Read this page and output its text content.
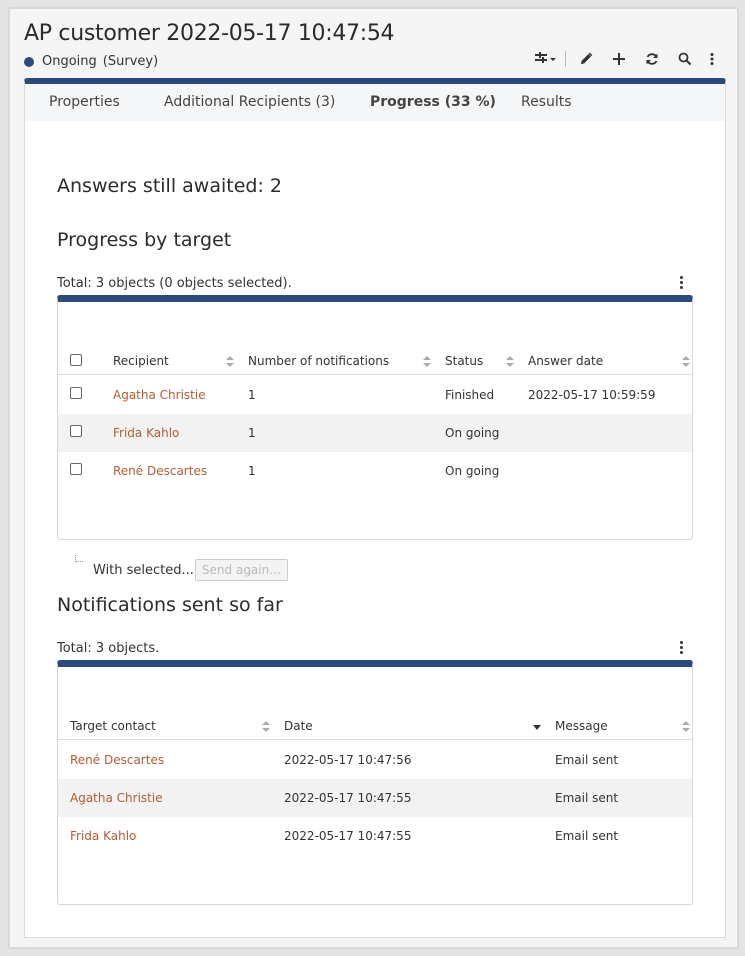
AP customer 2022-05-17 10:47:54
Ongoing (Survey)
Properties	Additional Recipients (3) Progress (33 %) Results
Answers still awaited: 2
Progress by target
Total: 3 objects (0 objects selected).
Recipient	Number of notifications	Status	Answer date
Agatha Christie	1	Finished	2022-05-17 10:59:59
Frida Kahlo	1	On going
René Descartes	1	On going
With selected... Send again...
Notifications sent so far
Total: 3 objects.
Target contact	Date	Message
René Descartes	2022-05-17 10:47:56	Email sent
Agatha Christie	2022-05-17 10:47:55	Email sent
Frida Kahlo	2022-05-17 10:47:55	Email sent
